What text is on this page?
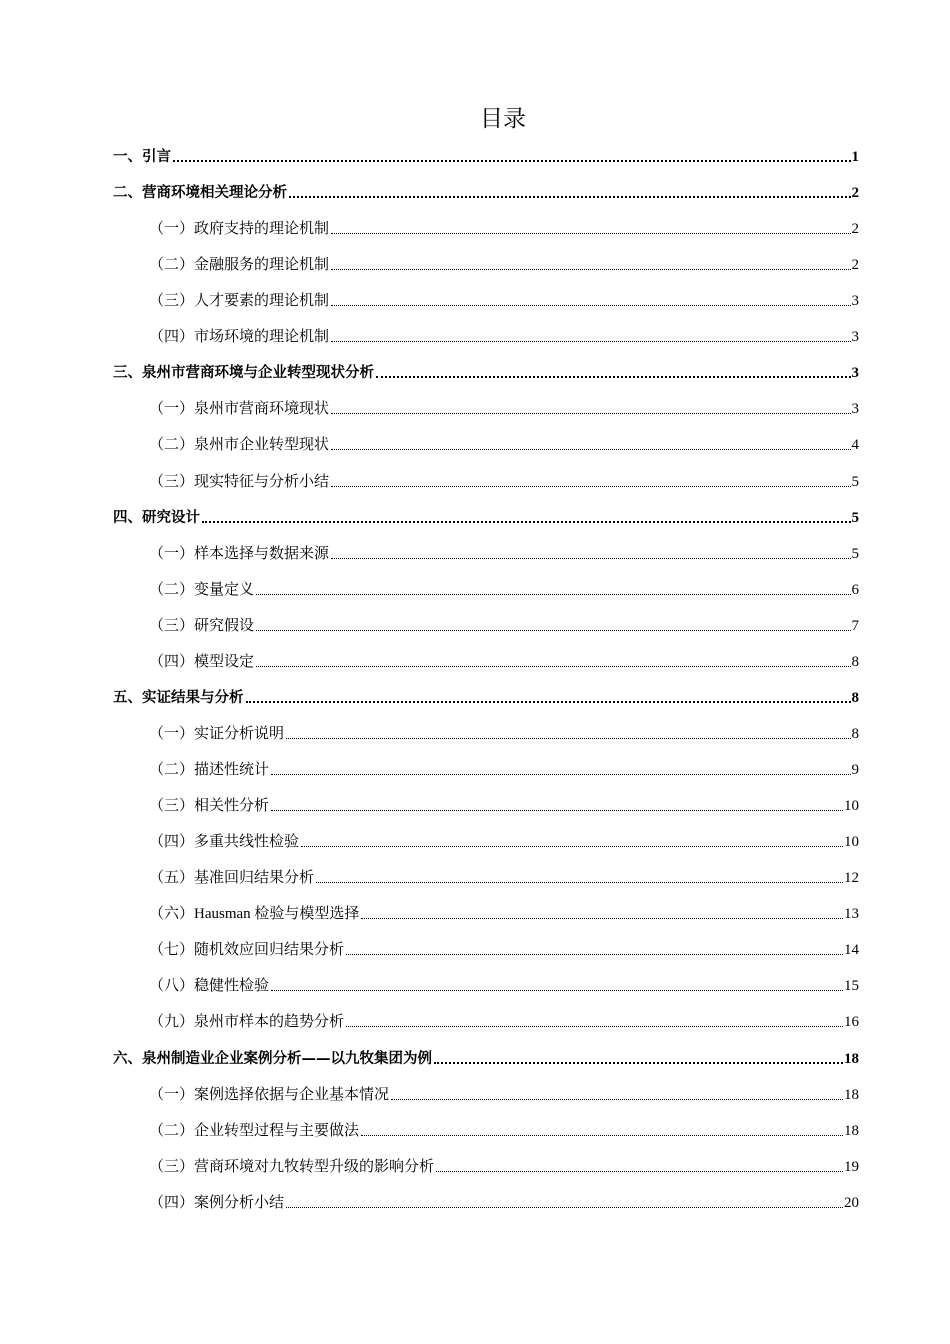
目录
一、引言	1
二、营商环境相关理论分析	2
（一）政府支持的理论机制	2
（二）金融服务的理论机制	2
（三）人才要素的理论机制	3
（四）市场环境的理论机制	3
三、泉州市营商环境与企业转型现状分析	3
（一）泉州市营商环境现状	3
（二）泉州市企业转型现状	4
（三）现实特征与分析小结	5
四、研究设计	5
（一）样本选择与数据来源	5
（二）变量定义	6
（三）研究假设	7
（四）模型设定	8
五、实证结果与分析	8
（一）实证分析说明	8
（二）描述性统计	9
（三）相关性分析	10
（四）多重共线性检验	10
（五）基准回归结果分析	12
（六）Hausman 检验与模型选择	13
（七）随机效应回归结果分析	14
（八）稳健性检验	15
（九）泉州市样本的趋势分析	16
六、泉州制造业企业案例分析——以九牧集团为例	18
（一）案例选择依据与企业基本情况	18
（二）企业转型过程与主要做法	18
（三）营商环境对九牧转型升级的影响分析	19
（四）案例分析小结	20
